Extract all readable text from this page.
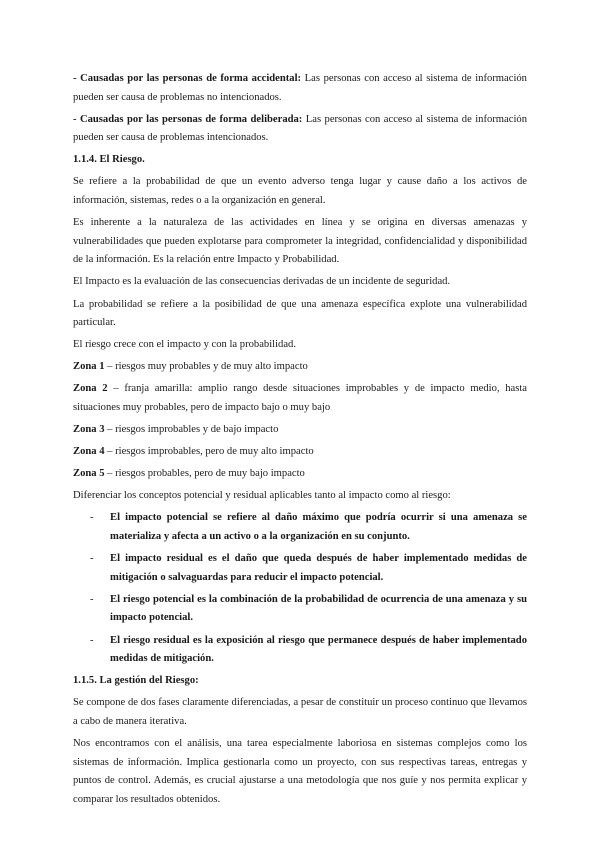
- Causadas por las personas de forma accidental: Las personas con acceso al sistema de información pueden ser causa de problemas no intencionados.

- Causadas por las personas de forma deliberada: Las personas con acceso al sistema de información pueden ser causa de problemas intencionados.

1.1.4. El Riesgo.

Se refiere a la probabilidad de que un evento adverso tenga lugar y cause daño a los activos de información, sistemas, redes o a la organización en general.

Es inherente a la naturaleza de las actividades en línea y se origina en diversas amenazas y vulnerabilidades que pueden explotarse para comprometer la integridad, confidencialidad y disponibilidad de la información. Es la relación entre Impacto y Probabilidad.

El Impacto es la evaluación de las consecuencias derivadas de un incidente de seguridad.

La probabilidad se refiere a la posibilidad de que una amenaza específica explote una vulnerabilidad particular.

El riesgo crece con el impacto y con la probabilidad.

Zona 1 – riesgos muy probables y de muy alto impacto

Zona 2 – franja amarilla: amplio rango desde situaciones improbables y de impacto medio, hasta situaciones muy probables, pero de impacto bajo o muy bajo

Zona 3 – riesgos improbables y de bajo impacto

Zona 4 – riesgos improbables, pero de muy alto impacto

Zona 5 – riesgos probables, pero de muy bajo impacto

Diferenciar los conceptos potencial y residual aplicables tanto al impacto como al riesgo:

- El impacto potencial se refiere al daño máximo que podría ocurrir si una amenaza se materializa y afecta a un activo o a la organización en su conjunto.

- El impacto residual es el daño que queda después de haber implementado medidas de mitigación o salvaguardas para reducir el impacto potencial.

- El riesgo potencial es la combinación de la probabilidad de ocurrencia de una amenaza y su impacto potencial.

- El riesgo residual es la exposición al riesgo que permanece después de haber implementado medidas de mitigación.

1.1.5. La gestión del Riesgo:

Se compone de dos fases claramente diferenciadas, a pesar de constituir un proceso continuo que llevamos a cabo de manera iterativa.

Nos encontramos con el análisis, una tarea especialmente laboriosa en sistemas complejos como los sistemas de información. Implica gestionarla como un proyecto, con sus respectivas tareas, entregas y puntos de control. Además, es crucial ajustarse a una metodología que nos guíe y nos permita explicar y comparar los resultados obtenidos.
